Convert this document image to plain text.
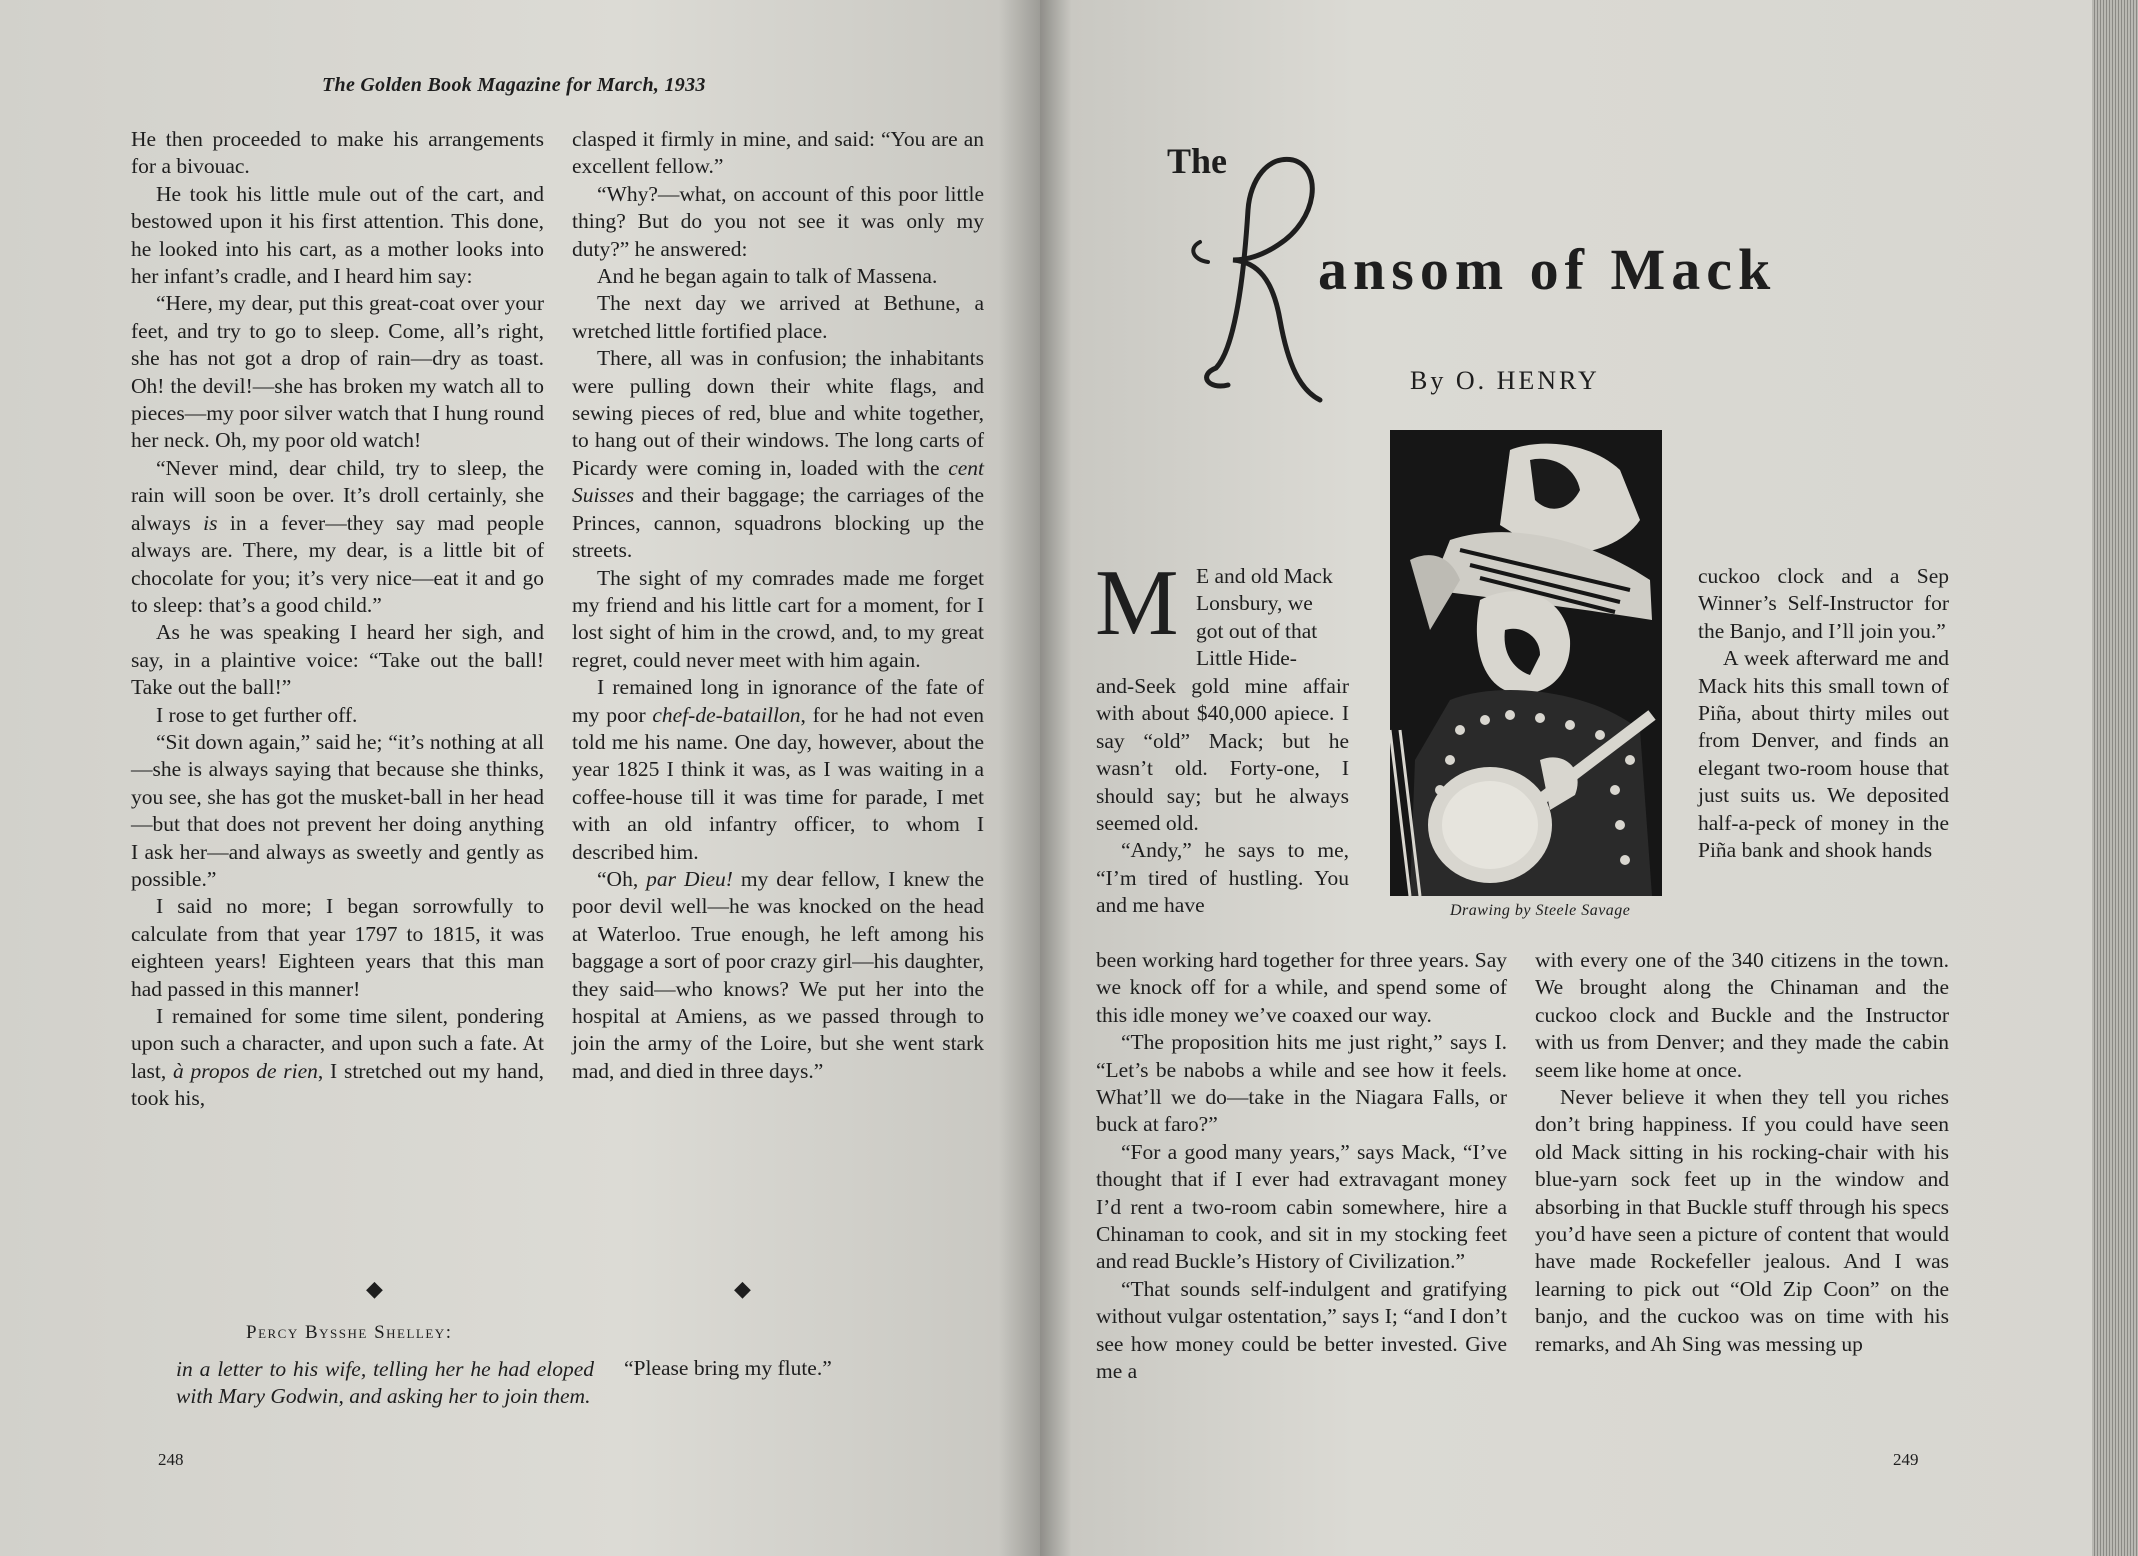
The Golden Book Magazine for March, 1933

He then proceeded to make his arrangements for a bivouac.

He took his little mule out of the cart, and bestowed upon it his first attention. This done, he looked into his cart, as a mother looks into her infant’s cradle, and I heard him say:

“Here, my dear, put this great-coat over your feet, and try to go to sleep. Come, all’s right, she has not got a drop of rain—dry as toast. Oh! the devil!—she has broken my watch all to pieces—my poor silver watch that I hung round her neck. Oh, my poor old watch!

“Never mind, dear child, try to sleep, the rain will soon be over. It’s droll certainly, she always is in a fever—they say mad people always are. There, my dear, is a little bit of chocolate for you; it’s very nice—eat it and go to sleep: that’s a good child.”

As he was speaking I heard her sigh, and say, in a plaintive voice: “Take out the ball! Take out the ball!”

I rose to get further off.

“Sit down again,” said he; “it’s nothing at all—she is always saying that because she thinks, you see, she has got the musket-ball in her head—but that does not prevent her doing anything I ask her—and always as sweetly and gently as possible.”

I said no more; I began sorrowfully to calculate from that year 1797 to 1815, it was eighteen years! Eighteen years that this man had passed in this manner!

I remained for some time silent, pondering upon such a character, and upon such a fate. At last, à propos de rien, I stretched out my hand, took his,

clasped it firmly in mine, and said: “You are an excellent fellow.”

“Why?—what, on account of this poor little thing? But do you not see it was only my duty?” he answered:

And he began again to talk of Massena.

The next day we arrived at Bethune, a wretched little fortified place.

There, all was in confusion; the inhabitants were pulling down their white flags, and sewing pieces of red, blue and white together, to hang out of their windows. The long carts of Picardy were coming in, loaded with the cent Suisses and their baggage; the carriages of the Princes, cannon, squadrons blocking up the streets.

The sight of my comrades made me forget my friend and his little cart for a moment, for I lost sight of him in the crowd, and, to my great regret, could never meet with him again.

I remained long in ignorance of the fate of my poor chef-de-bataillon, for he had not even told me his name. One day, however, about the year 1825 I think it was, as I was waiting in a coffee-house till it was time for parade, I met with an old infantry officer, to whom I described him.

“Oh, par Dieu! my dear fellow, I knew the poor devil well—he was knocked on the head at Waterloo. True enough, he left among his baggage a sort of poor crazy girl—his daughter, they said—who knows? We put her into the hospital at Amiens, as we passed through to join the army of the Loire, but she went stark mad, and died in three days.”

◆	◆
Percy Bysshe Shelley:
in a letter to his wife, telling her he had eloped with Mary Godwin, and asking her to join them.
“Please bring my flute.”
248
The
ansom of Mack
By O. HENRY
Drawing by Steele Savage
M E and old Mack

Lonsbury, we

got out of that

Little Hide-

and-Seek gold mine affair with about $40,000 apiece. I say “old” Mack; but he wasn’t old. Forty-one, I should say; but he always seemed old.

“Andy,” he says to me, “I’m tired of hustling. You and me have

been working hard together for three years. Say we knock off for a while, and spend some of this idle money we’ve coaxed our way.

“The proposition hits me just right,” says I. “Let’s be nabobs a while and see how it feels. What’ll we do—take in the Niagara Falls, or buck at faro?”

“For a good many years,” says Mack, “I’ve thought that if I ever had extravagant money I’d rent a two-room cabin somewhere, hire a Chinaman to cook, and sit in my stocking feet and read Buckle’s History of Civilization.”

“That sounds self-indulgent and gratifying without vulgar ostentation,” says I; “and I don’t see how money could be better invested. Give me a

cuckoo clock and a Sep Winner’s Self-Instructor for the Banjo, and I’ll join you.”

A week afterward me and Mack hits this small town of Piña, about thirty miles out from Denver, and finds an elegant two-room house that just suits us. We deposited half-a-peck of money in the Piña bank and shook hands

with every one of the 340 citizens in the town. We brought along the Chinaman and the cuckoo clock and Buckle and the Instructor with us from Denver; and they made the cabin seem like home at once.

Never believe it when they tell you riches don’t bring happiness. If you could have seen old Mack sitting in his rocking-chair with his blue-yarn sock feet up in the window and absorbing in that Buckle stuff through his specs you’d have seen a picture of content that would have made Rockefeller jealous. And I was learning to pick out “Old Zip Coon” on the banjo, and the cuckoo was on time with his remarks, and Ah Sing was messing up

249
